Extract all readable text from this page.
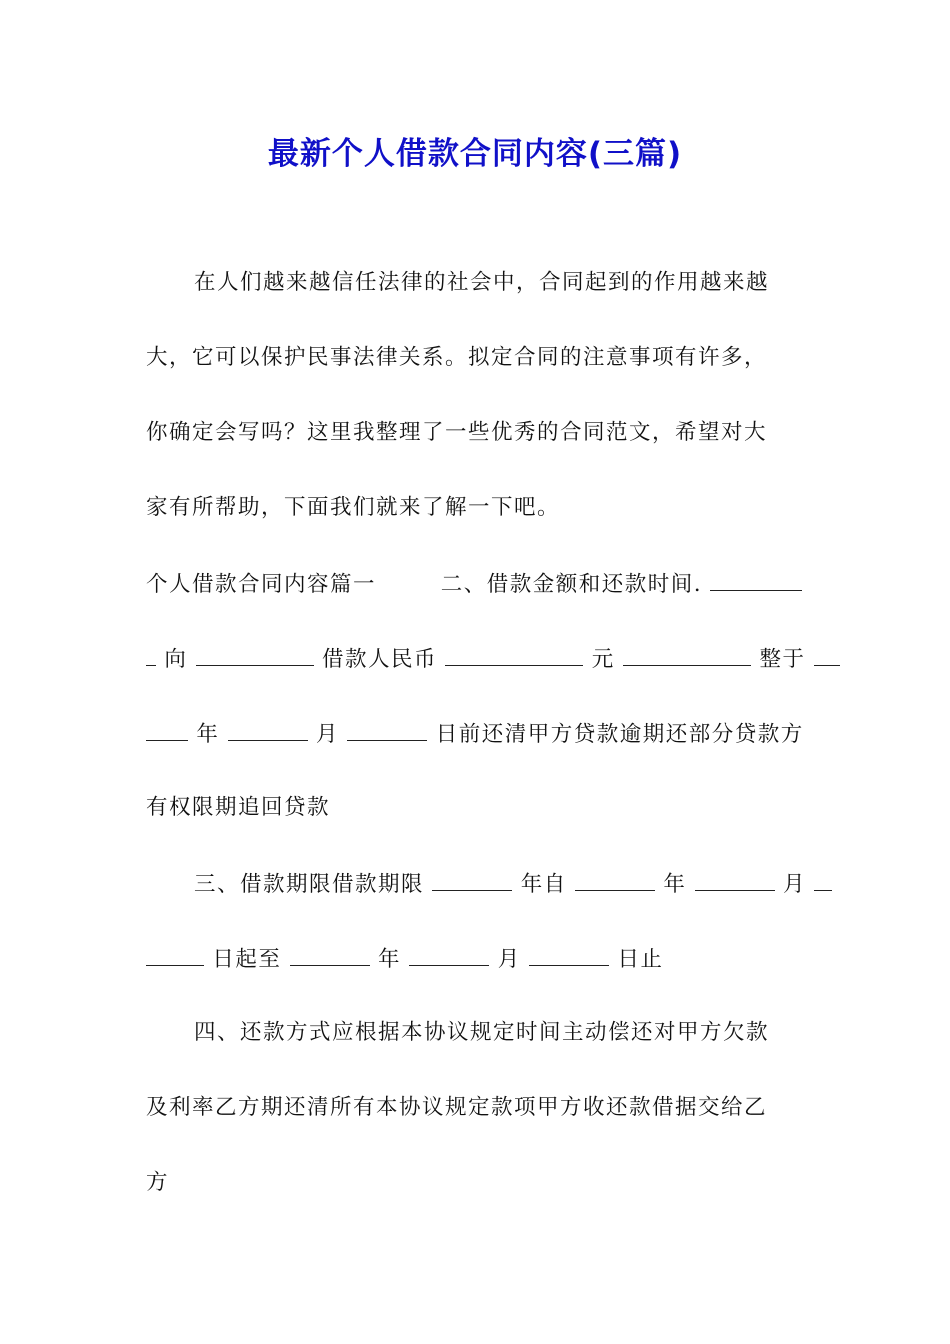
最新个人借款合同内容(三篇)
在人们越来越信任法律的社会中，合同起到的作用越来越
大，它可以保护民事法律关系。拟定合同的注意事项有许多，
你确定会写吗？这里我整理了一些优秀的合同范文，希望对大
家有所帮助，下面我们就来了解一下吧。
个人借款合同内容篇一	二、借款金额和还款时间.
向	借款人民币	元	整于
年	月	日前还清甲方贷款逾期还部分贷款方
有权限期追回贷款
三、借款期限借款期限	年自	年	月
日起至	年	月	日止
四、还款方式应根据本协议规定时间主动偿还对甲方欠款
及利率乙方期还清所有本协议规定款项甲方收还款借据交给乙
方
